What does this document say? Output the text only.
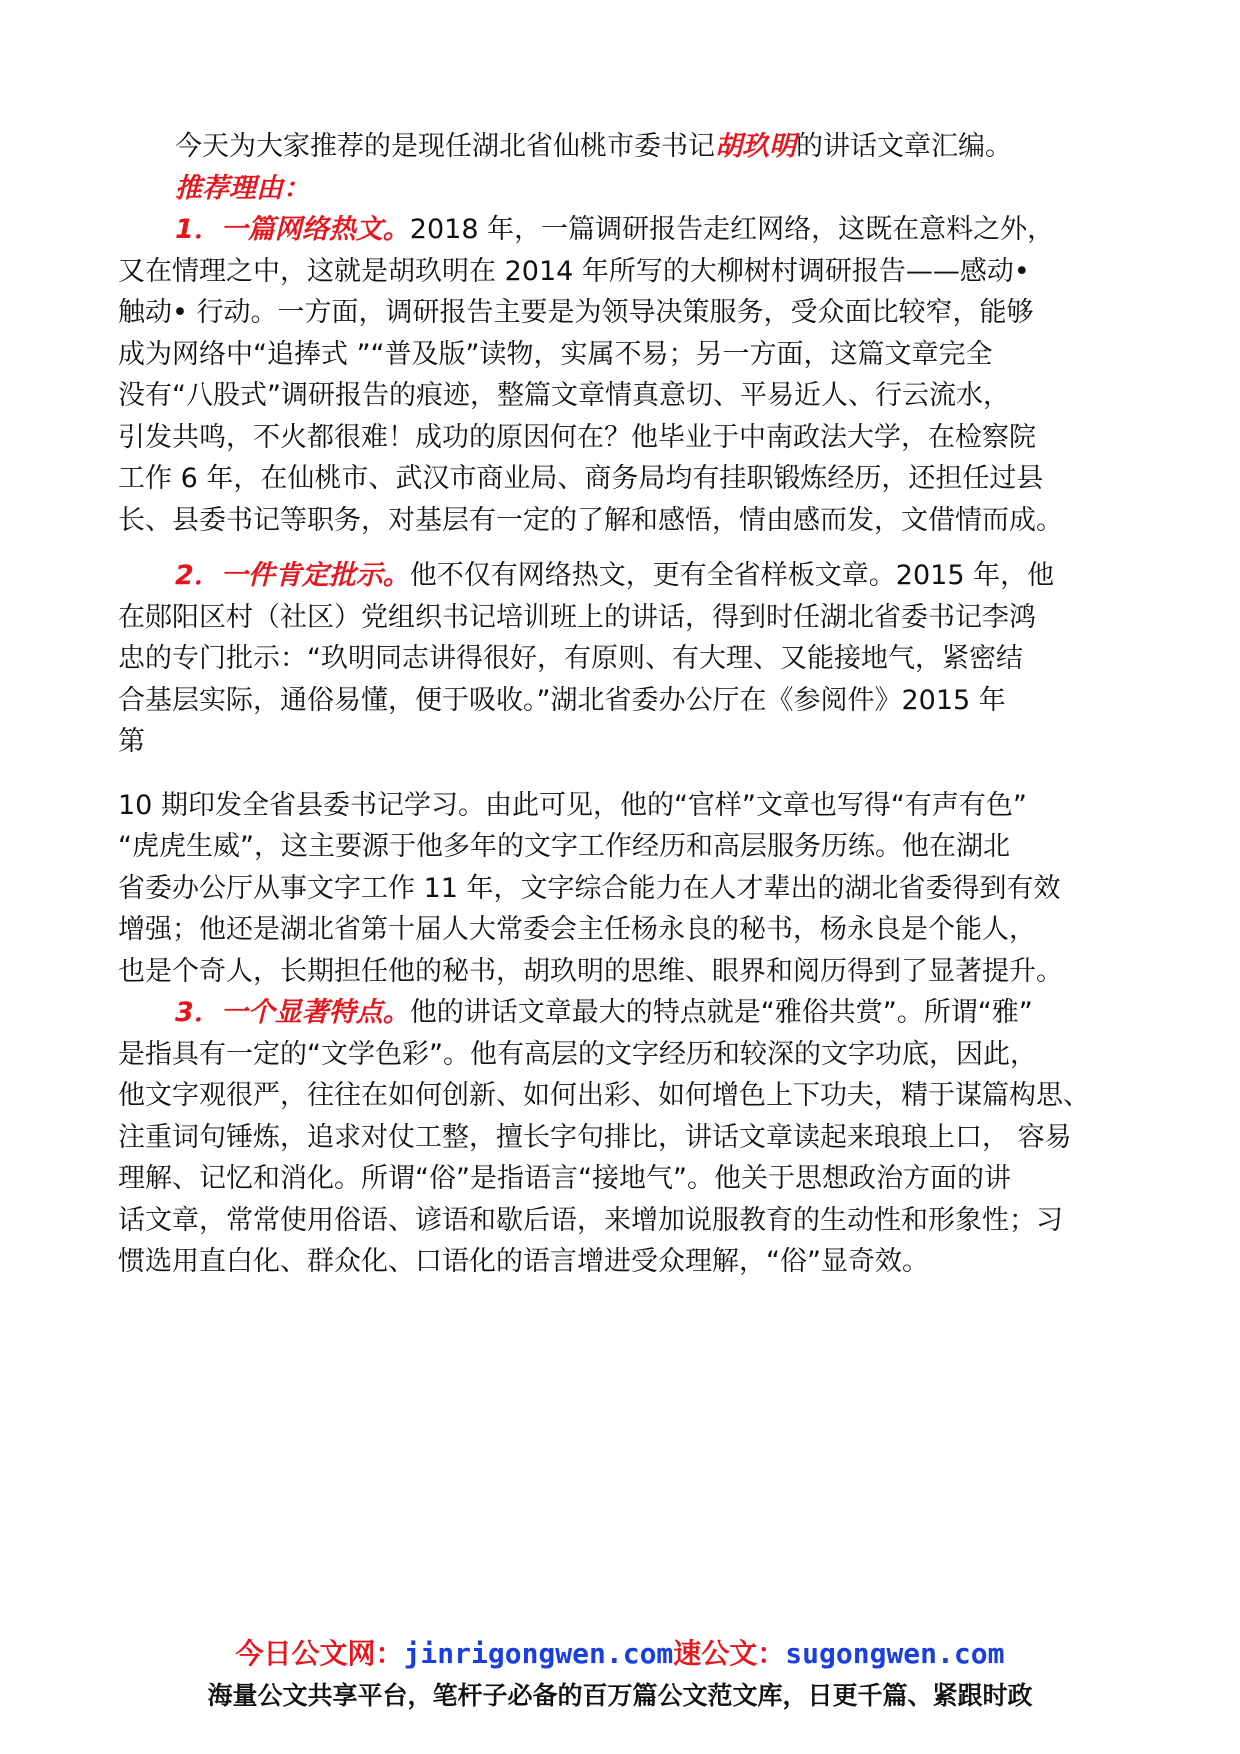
今天为大家推荐的是现任湖北省仙桃市委书记胡玖明的讲话文章汇编。
推荐理由：
1．一篇网络热文。2018 年，一篇调研报告走红网络，这既在意料之外，
又在情理之中，这就是胡玖明在 2014 年所写的大柳树村调研报告——感动•
触动• 行动。一方面，调研报告主要是为领导决策服务，受众面比较窄，能够
成为网络中“追捧式 ”“普及版”读物，实属不易；另一方面，这篇文章完全
没有“八股式”调研报告的痕迹，整篇文章情真意切、平易近人、行云流水，
引发共鸣，不火都很难！成功的原因何在？他毕业于中南政法大学，在检察院
工作 6 年，在仙桃市、武汉市商业局、商务局均有挂职锻炼经历，还担任过县
长、县委书记等职务，对基层有一定的了解和感悟，情由感而发，文借情而成。
2．一件肯定批示。他不仅有网络热文，更有全省样板文章。2015 年，他
在郧阳区村（社区）党组织书记培训班上的讲话，得到时任湖北省委书记李鸿
忠的专门批示：“玖明同志讲得很好，有原则、有大理、又能接地气，紧密结
合基层实际，通俗易懂，便于吸收。”湖北省委办公厅在《参阅件》2015 年
第
10 期印发全省县委书记学习。由此可见，他的“官样”文章也写得“有声有色”
“虎虎生威”，这主要源于他多年的文字工作经历和高层服务历练。他在湖北
省委办公厅从事文字工作 11 年，文字综合能力在人才辈出的湖北省委得到有效
增强；他还是湖北省第十届人大常委会主任杨永良的秘书，杨永良是个能人，
也是个奇人，长期担任他的秘书，胡玖明的思维、眼界和阅历得到了显著提升。
3．一个显著特点。他的讲话文章最大的特点就是“雅俗共赏”。所谓“雅”
是指具有一定的“文学色彩”。他有高层的文字经历和较深的文字功底，因此，
他文字观很严，往往在如何创新、如何出彩、如何增色上下功夫，精于谋篇构思、
注重词句锤炼，追求对仗工整，擅长字句排比，讲话文章读起来琅琅上口， 容易
理解、记忆和消化。所谓“俗”是指语言“接地气”。他关于思想政治方面的讲
话文章，常常使用俗语、谚语和歇后语，来增加说服教育的生动性和形象性；习
惯选用直白化、群众化、口语化的语言增进受众理解，“俗”显奇效。
今日公文网：jinrigongwen.com速公文：sugongwen.com
海量公文共享平台，笔杆子必备的百万篇公文范文库，日更千篇、紧跟时政
